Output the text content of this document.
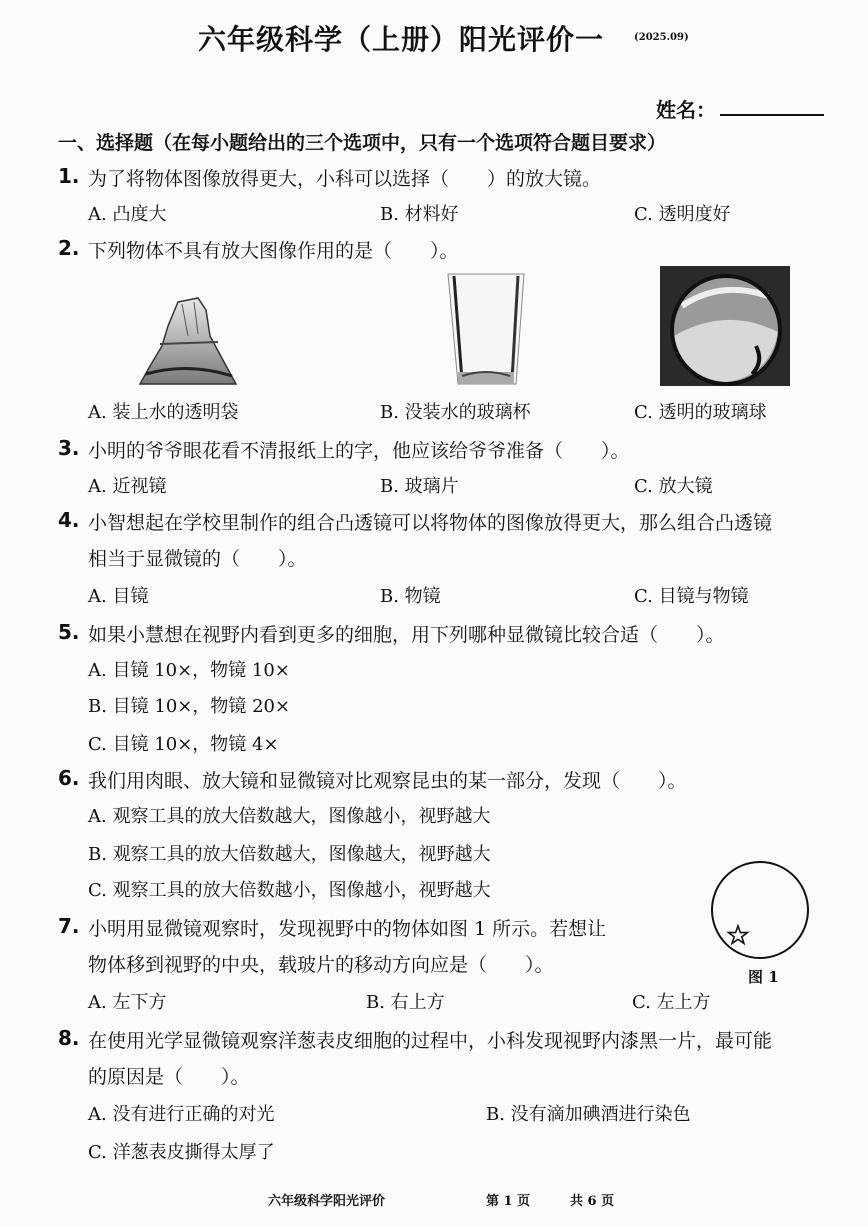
六年级科学（上册）阳光评价一	(2025.09)
姓名：
一、选择题（在每小题给出的三个选项中，只有一个选项符合题目要求）
1. 为了将物体图像放得更大，小科可以选择（　　）的放大镜。
A. 凸度大	B. 材料好	C. 透明度好
2. 下列物体不具有放大图像作用的是（　　）。
A. 装上水的透明袋	B. 没装水的玻璃杯	C. 透明的玻璃球
3. 小明的爷爷眼花看不清报纸上的字，他应该给爷爷准备（　　）。
A. 近视镜	B. 玻璃片	C. 放大镜
4. 小智想起在学校里制作的组合凸透镜可以将物体的图像放得更大，那么组合凸透镜
相当于显微镜的（　　）。
A. 目镜	B. 物镜	C. 目镜与物镜
5. 如果小慧想在视野内看到更多的细胞，用下列哪种显微镜比较合适（　　）。
A. 目镜 10×，物镜 10×
B. 目镜 10×，物镜 20×
C. 目镜 10×，物镜 4×
6. 我们用肉眼、放大镜和显微镜对比观察昆虫的某一部分，发现（　　）。
A. 观察工具的放大倍数越大，图像越小，视野越大
B. 观察工具的放大倍数越大，图像越大，视野越大
C. 观察工具的放大倍数越小，图像越小，视野越大
图 1
7. 小明用显微镜观察时，发现视野中的物体如图 1 所示。若想让
物体移到视野的中央，载玻片的移动方向应是（　　）。
A. 左下方	B. 右上方	C. 左上方
8. 在使用光学显微镜观察洋葱表皮细胞的过程中，小科发现视野内漆黑一片，最可能
的原因是（　　）。
A. 没有进行正确的对光	B. 没有滴加碘酒进行染色
C. 洋葱表皮撕得太厚了
六年级科学阳光评价	第 1 页	共 6 页
